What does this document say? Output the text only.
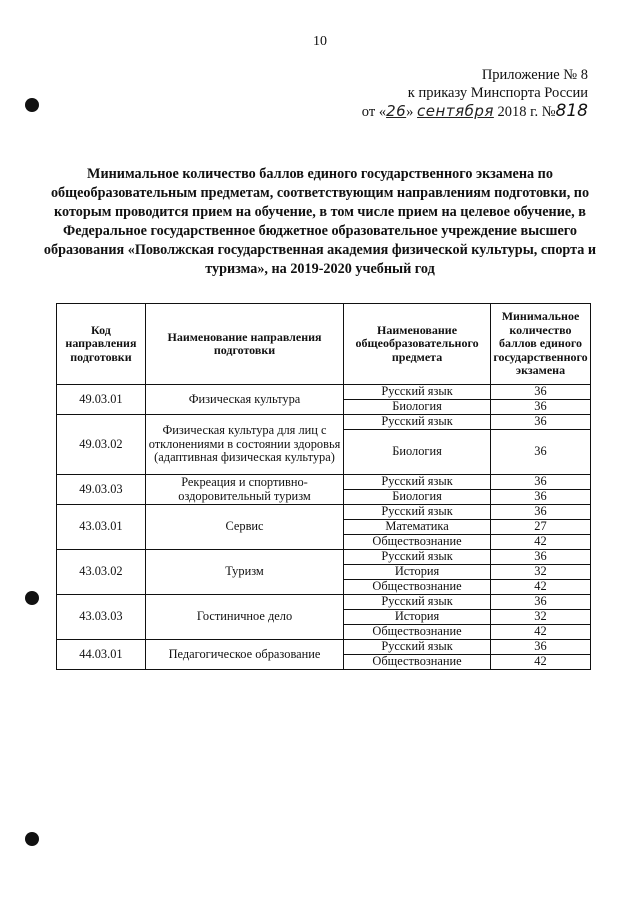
10
Приложение № 8
к приказу Минспорта России
от «26» сентября 2018 г. №818
Минимальное количество баллов единого государственного экзамена по общеобразовательным предметам, соответствующим направлениям подготовки, по которым проводится прием на обучение, в том числе прием на целевое обучение, в Федеральное государственное бюджетное образовательное учреждение высшего образования «Поволжская государственная академия физической культуры, спорта и туризма», на 2019-2020 учебный год
Код направления подготовки	Наименование направления подготовки	Наименование общеобразовательного предмета	Минимальное количество баллов единого государственного экзамена
49.03.01	Физическая культура	Русский язык	36
		Биология	36
49.03.02	Физическая культура для лиц с отклонениями в состоянии здоровья (адаптивная физическая культура)	Русский язык	36
		Биология	36
49.03.03	Рекреация и спортивно-оздоровительный туризм	Русский язык	36
		Биология	36
43.03.01	Сервис	Русский язык	36
		Математика	27
		Обществознание	42
43.03.02	Туризм	Русский язык	36
		История	32
		Обществознание	42
43.03.03	Гостиничное дело	Русский язык	36
		История	32
		Обществознание	42
44.03.01	Педагогическое образование	Русский язык	36
		Обществознание	42
